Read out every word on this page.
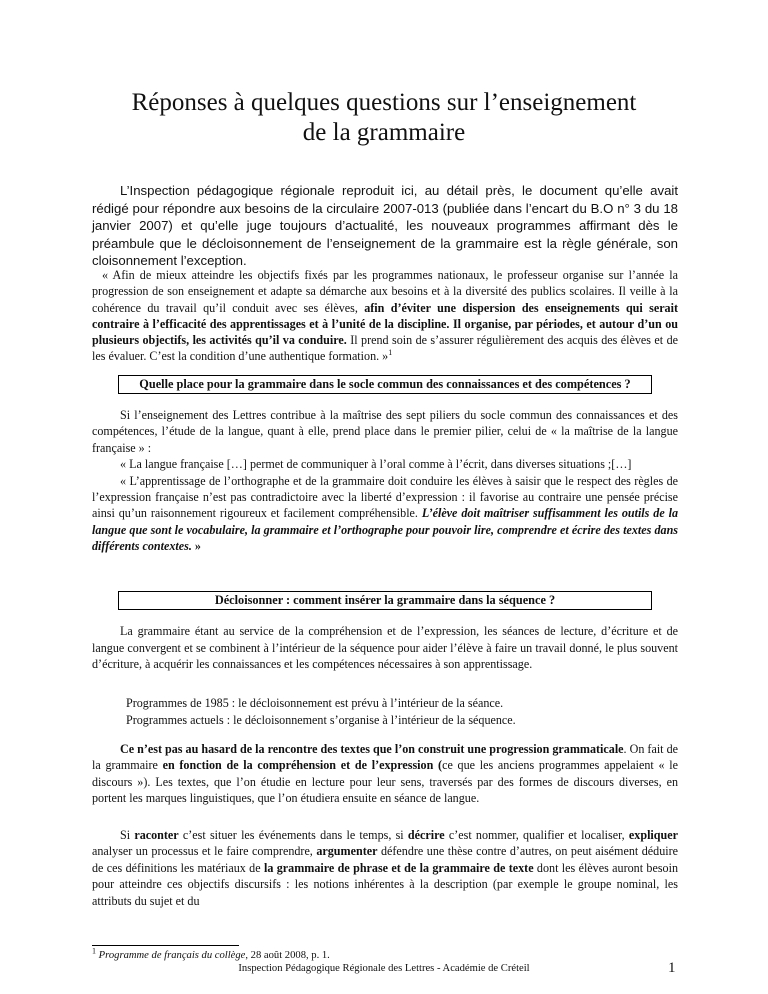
Réponses à quelques questions sur l’enseignement
de la grammaire

L’Inspection pédagogique régionale reproduit ici, au détail près, le document qu’elle avait rédigé pour répondre aux besoins de la circulaire 2007-013 (publiée dans l’encart du B.O n° 3 du 18 janvier 2007) et qu’elle juge toujours d’actualité, les nouveaux programmes affirmant dès le préambule que le décloisonnement de l’enseignement de la grammaire est la règle générale, son cloisonnement l’exception.

« Afin de mieux atteindre les objectifs fixés par les programmes nationaux, le professeur organise sur l’année la progression de son enseignement et adapte sa démarche aux besoins et à la diversité des publics scolaires. Il veille à la cohérence du travail qu’il conduit avec ses élèves, afin d’éviter une dispersion des enseignements qui serait contraire à l’efficacité des apprentissages et à l’unité de la discipline. Il organise, par périodes, et autour d’un ou plusieurs objectifs, les activités qu’il va conduire. Il prend soin de s’assurer régulièrement des acquis des élèves et de les évaluer. C’est la condition d’une authentique formation. »$^1$

Quelle place pour la grammaire dans le socle commun des connaissances et des compétences ?

Si l’enseignement des Lettres contribue à la maîtrise des sept piliers du socle commun des connaissances et des compétences, l’étude de la langue, quant à elle, prend place dans le premier pilier, celui de « la maîtrise de la langue française » :

« La langue française […] permet de communiquer à l’oral comme à l’écrit, dans diverses situations ;[…]

« L’apprentissage de l’orthographe et de la grammaire doit conduire les élèves à saisir que le respect des règles de l’expression française n’est pas contradictoire avec la liberté d’expression : il favorise au contraire une pensée précise ainsi qu’un raisonnement rigoureux et facilement compréhensible. L’élève doit maîtriser suffisamment les outils de la langue que sont le vocabulaire, la grammaire et l’orthographe pour pouvoir lire, comprendre et écrire des textes dans différents contextes. »

Décloisonner : comment insérer la grammaire dans la séquence ?

La grammaire étant au service de la compréhension et de l’expression, les séances de lecture, d’écriture et de langue convergent et se combinent à l’intérieur de la séquence pour aider l’élève à faire un travail donné, le plus souvent d’écriture, à acquérir les connaissances et les compétences nécessaires à son apprentissage.

Programmes de 1985 : le décloisonnement est prévu à l’intérieur de la séance.
Programmes actuels : le décloisonnement s’organise à l’intérieur de la séquence.

Ce n’est pas au hasard de la rencontre des textes que l’on construit une progression grammaticale. On fait de la grammaire en fonction de la compréhension et de l’expression (ce que les anciens programmes appelaient « le discours »). Les textes, que l’on étudie en lecture pour leur sens, traversés par des formes de discours diverses, en portent les marques linguistiques, que l’on étudiera ensuite en séance de langue.

Si raconter c’est situer les événements dans le temps, si décrire c’est nommer, qualifier et localiser, expliquer analyser un processus et le faire comprendre, argumenter défendre une thèse contre d’autres, on peut aisément déduire de ces définitions les matériaux de la grammaire de phrase et de la grammaire de texte dont les élèves auront besoin pour atteindre ces objectifs discursifs : les notions inhérentes à la description (par exemple le groupe nominal, les attributs du sujet et du

$^1$ Programme de français du collège, 28 août 2008, p. 1.
Inspection Pédagogique Régionale des Lettres - Académie de Créteil	1
